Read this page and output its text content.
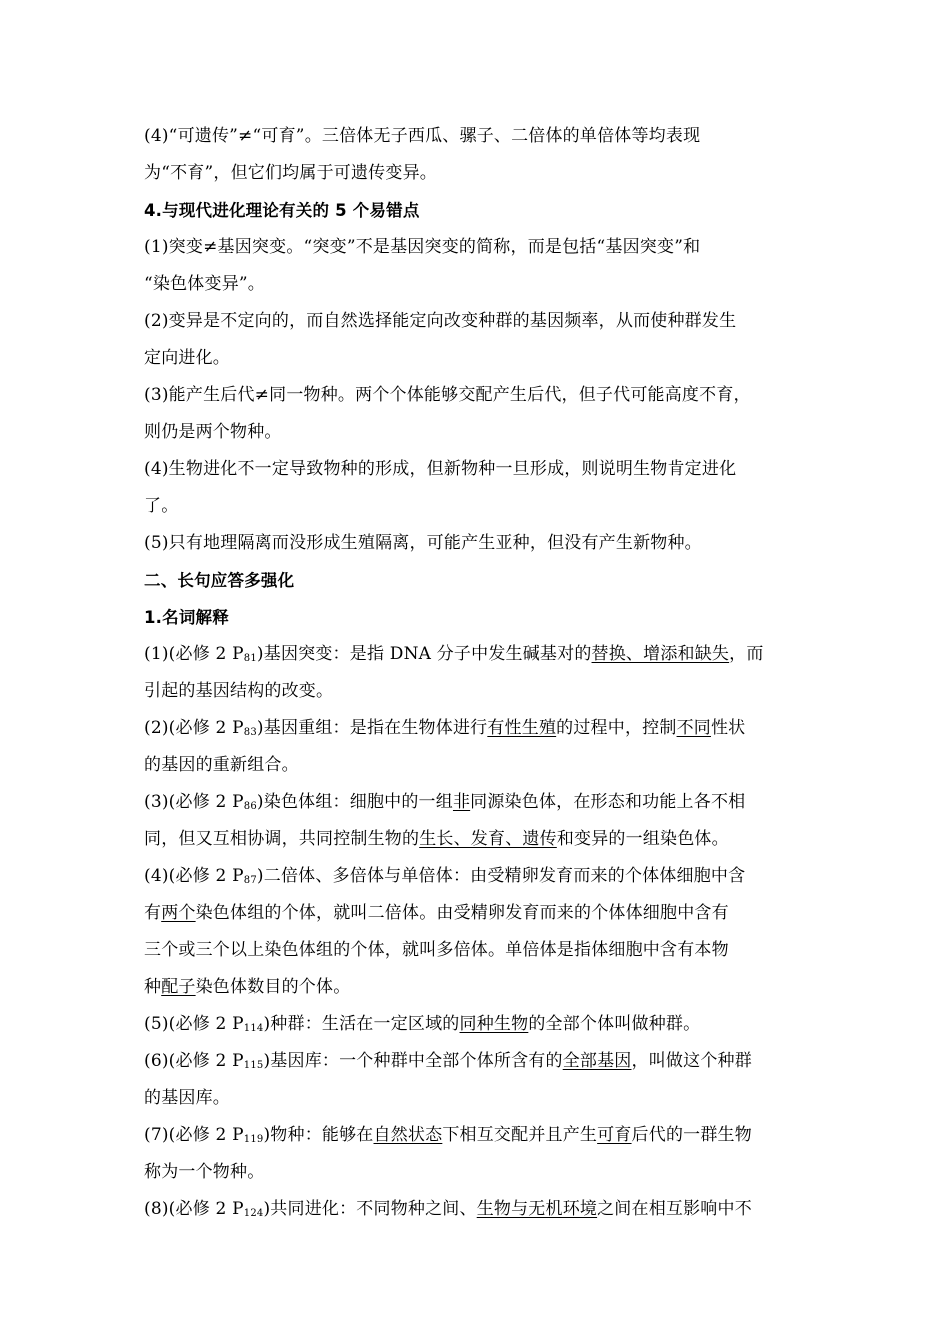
(4)“可遗传”≠“可育”。三倍体无子西瓜、骡子、二倍体的单倍体等均表现
为“不育”，但它们均属于可遗传变异。
4.与现代进化理论有关的 5 个易错点
(1)突变≠基因突变。“突变”不是基因突变的简称，而是包括“基因突变”和
“染色体变异”。
(2)变异是不定向的，而自然选择能定向改变种群的基因频率，从而使种群发生
定向进化。
(3)能产生后代≠同一物种。两个个体能够交配产生后代，但子代可能高度不育，
则仍是两个物种。
(4)生物进化不一定导致物种的形成，但新物种一旦形成，则说明生物肯定进化
了。
(5)只有地理隔离而没形成生殖隔离，可能产生亚种，但没有产生新物种。
二、长句应答多强化
1.名词解释
(1)(必修 2 $P_{81}$)基因突变：是指 DNA 分子中发生碱基对的替换、增添和缺失，而
引起的基因结构的改变。
(2)(必修 2 $P_{83}$)基因重组：是指在生物体进行有性生殖的过程中，控制不同性状
的基因的重新组合。
(3)(必修 2 $P_{86}$)染色体组：细胞中的一组非同源染色体，在形态和功能上各不相
同，但又互相协调，共同控制生物的生长、发育、遗传和变异的一组染色体。
(4)(必修 2 $P_{87}$)二倍体、多倍体与单倍体：由受精卵发育而来的个体体细胞中含
有两个染色体组的个体，就叫二倍体。由受精卵发育而来的个体体细胞中含有
三个或三个以上染色体组的个体，就叫多倍体。单倍体是指体细胞中含有本物
种配子染色体数目的个体。
(5)(必修 2 $P_{114}$)种群：生活在一定区域的同种生物的全部个体叫做种群。
(6)(必修 2 $P_{115}$)基因库：一个种群中全部个体所含有的全部基因，叫做这个种群
的基因库。
(7)(必修 2 $P_{119}$)物种：能够在自然状态下相互交配并且产生可育后代的一群生物
称为一个物种。
(8)(必修 2 $P_{124}$)共同进化：不同物种之间、生物与无机环境之间在相互影响中不
